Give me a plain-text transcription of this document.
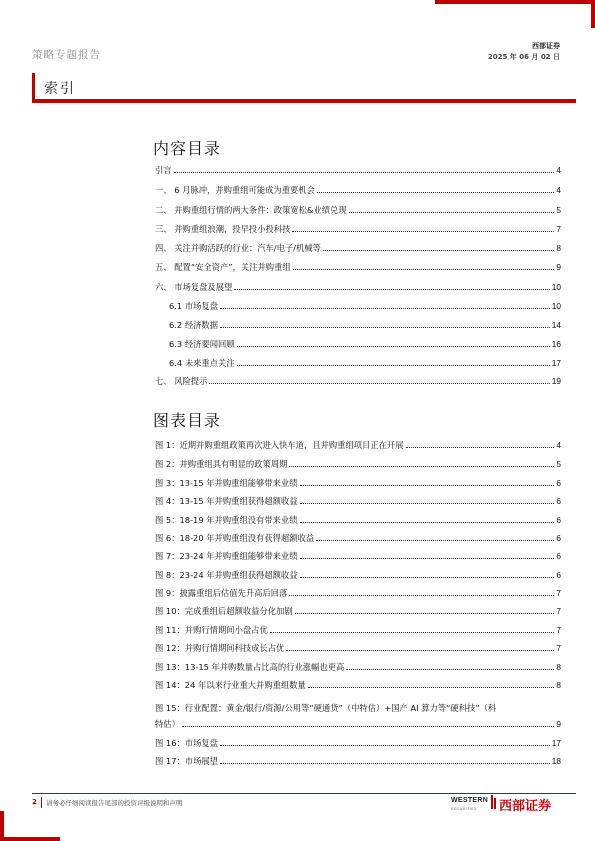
策略专题报告
西部证券
2025 年 06 月 02 日
索引
内容目录
引言	4
一、 6 月脉冲，并购重组可能成为重要机会	4
二、 并购重组行情的两大条件：政策宽松&业绩兑现	5
三、 并购重组浪潮，投早投小投科技	7
四、 关注并购活跃的行业：汽车/电子/机械等	8
五、 配置“安全资产”，关注并购重组	9
六、 市场复盘及展望	10
6.1 市场复盘	10
6.2 经济数据	14
6.3 经济要闻回顾	16
6.4 未来重点关注	17
七、 风险提示	19
图表目录
图 1：近期并购重组政策再次进入快车道，且并购重组项目正在开展	4
图 2：并购重组具有明显的政策周期	5
图 3：13-15 年并购重组能够带来业绩	6
图 4：13-15 年并购重组获得超额收益	6
图 5：18-19 年并购重组没有带来业绩	6
图 6：18-20 年并购重组没有获得超额收益	6
图 7：23-24 年并购重组能够带来业绩	6
图 8：23-24 年并购重组获得超额收益	6
图 9：披露重组后估值先升高后回落	7
图 10：完成重组后超额收益分化加剧	7
图 11：并购行情期间小盘占优	7
图 12：并购行情期间科技成长占优	7
图 13：13-15 年并购数量占比高的行业涨幅也更高	8
图 14：24 年以来行业重大并购重组数量	8
图 15：行业配置：黄金/银行/资源/公用等“硬通货”（中特估）+国产 AI 算力等“硬科技”（科
特估）	9
图 16：市场复盘	17
图 17：市场展望	18
2 请务必仔细阅读报告尾部的投资评级说明和声明	WESTERN
SECURITIES 西部证券
